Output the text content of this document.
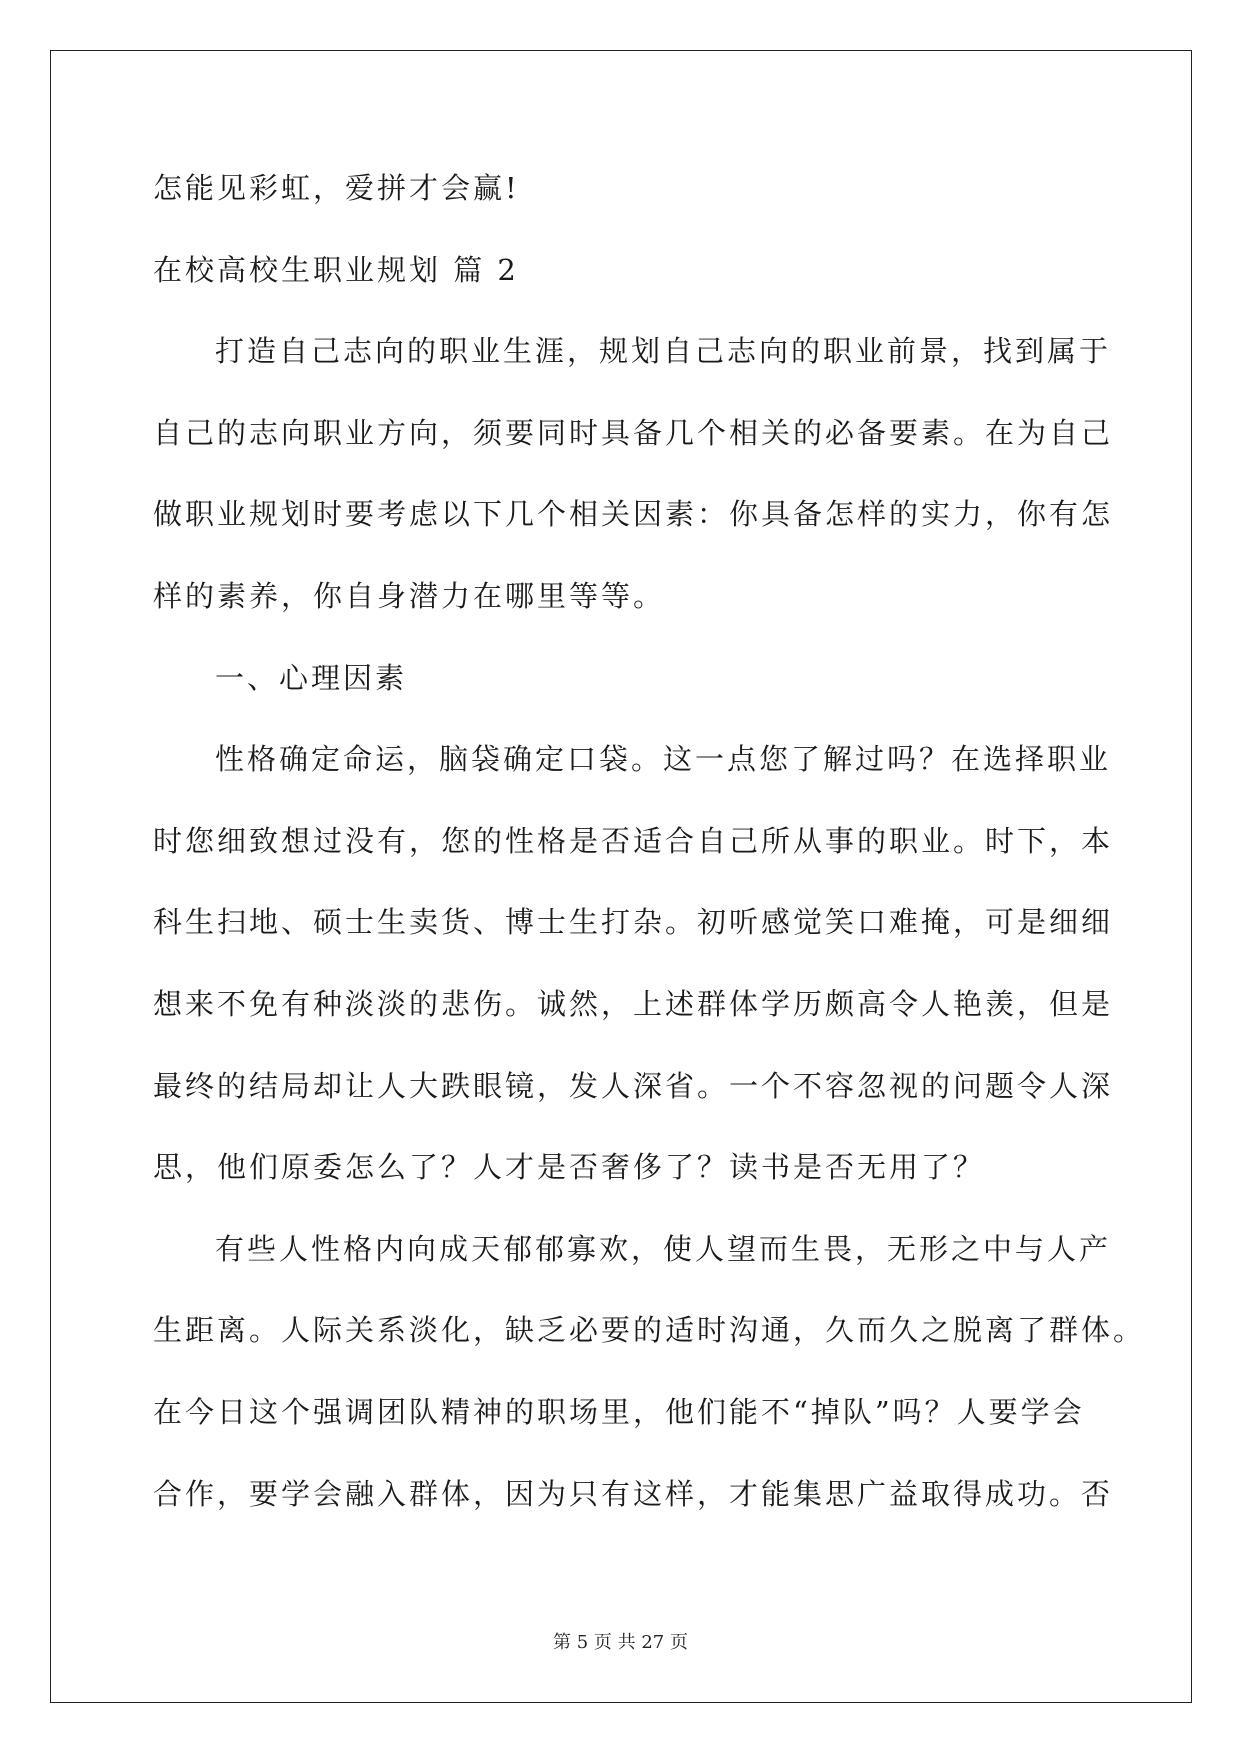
怎能见彩虹，爱拼才会赢!
在校高校生职业规划 篇 2
打造自己志向的职业生涯，规划自己志向的职业前景，找到属于
自己的志向职业方向，须要同时具备几个相关的必备要素。在为自己
做职业规划时要考虑以下几个相关因素：你具备怎样的实力，你有怎
样的素养，你自身潜力在哪里等等。
一、心理因素
性格确定命运，脑袋确定口袋。这一点您了解过吗？在选择职业
时您细致想过没有，您的性格是否适合自己所从事的职业。时下，本
科生扫地、硕士生卖货、博士生打杂。初听感觉笑口难掩，可是细细
想来不免有种淡淡的悲伤。诚然，上述群体学历颇高令人艳羡，但是
最终的结局却让人大跌眼镜，发人深省。一个不容忽视的问题令人深
思，他们原委怎么了？人才是否奢侈了？读书是否无用了？
有些人性格内向成天郁郁寡欢，使人望而生畏，无形之中与人产
生距离。人际关系淡化，缺乏必要的适时沟通，久而久之脱离了群体。
在今日这个强调团队精神的职场里，他们能不“掉队”吗？人要学会
合作，要学会融入群体，因为只有这样，才能集思广益取得成功。否
第 5 页 共 27 页
